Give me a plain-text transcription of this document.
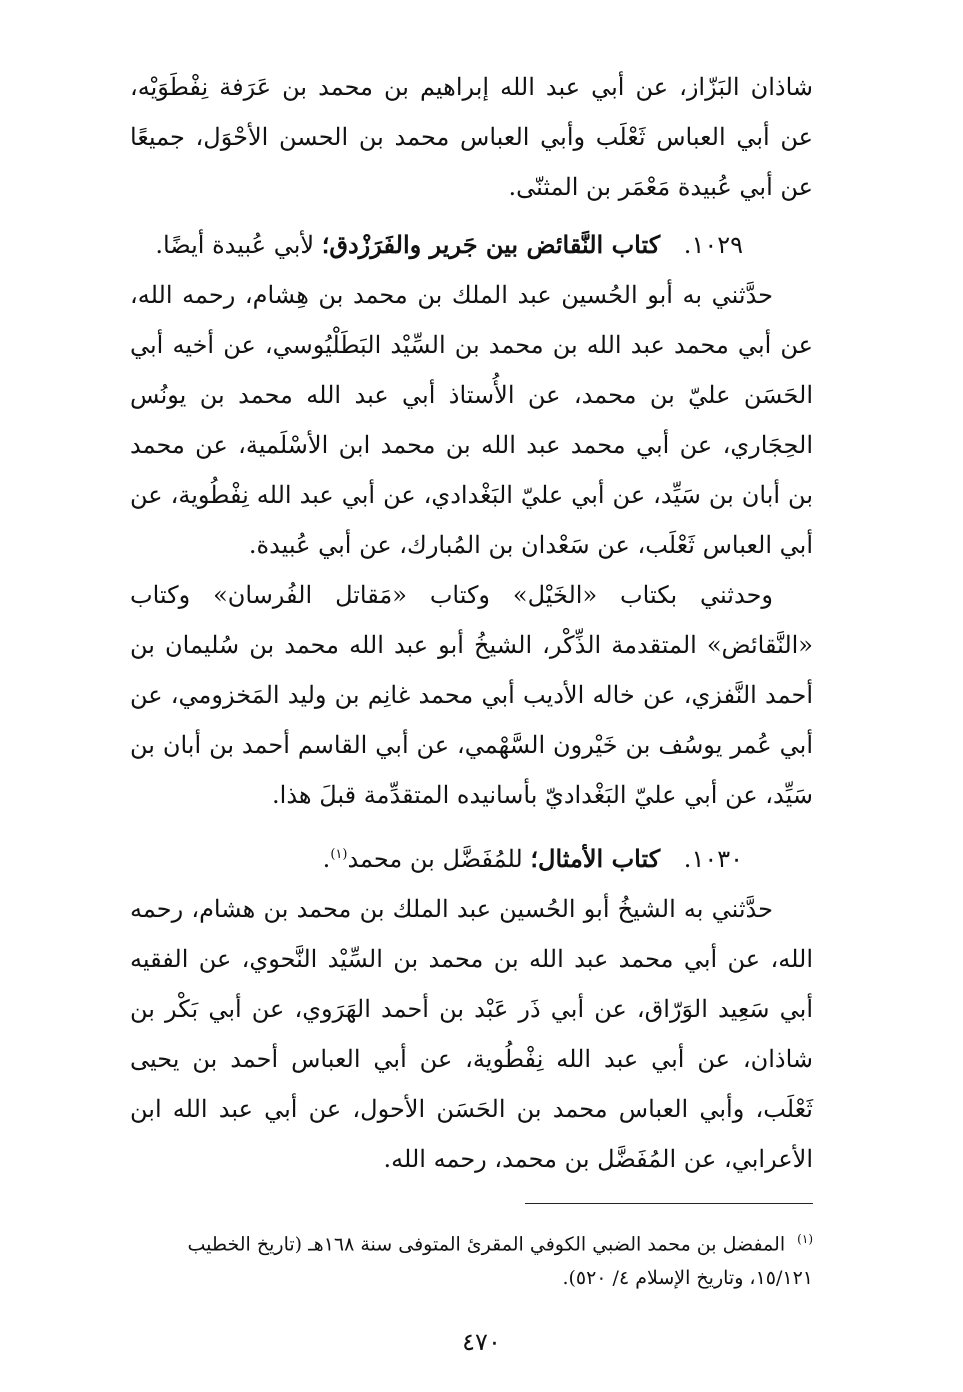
شاذان البَزّاز، عن أبي عبد الله إبراهيم بن محمد بن عَرَفة نِفْطَوَيْه، عن أبي العباس ثَعْلَب وأبي العباس محمد بن الحسن الأحْوَل، جميعًا عن أبي عُبيدة مَعْمَر بن المثنّى.

١٠٢٩. كتاب النَّقائض بين جَرير والفَرَزْدق؛ لأبي عُبيدة أيضًا.

حدَّثني به أبو الحُسين عبد الملك بن محمد بن هِشام، رحمه الله، عن أبي محمد عبد الله بن محمد بن السِّيْد البَطَلْيُوسي، عن أخيه أبي الحَسَن عليّ بن محمد، عن الأُستاذ أبي عبد الله محمد بن يونُس الحِجَاري، عن أبي محمد عبد الله بن محمد ابن الأسْلَمية، عن محمد بن أبان بن سَيِّد، عن أبي عليّ البَغْدادي، عن أبي عبد الله نِفْطُوية، عن أبي العباس ثَعْلَب، عن سَعْدان بن المُبارك، عن أبي عُبيدة.

وحدثني بكتاب «الخَيْل» وكتاب «مَقاتل الفُرسان» وكتاب «النَّقائض» المتقدمة الذِّكْر، الشيخُ أبو عبد الله محمد بن سُليمان بن أحمد النَّفزي، عن خاله الأديب أبي محمد غانِم بن وليد المَخزومي، عن أبي عُمر يوسُف بن خَيْرون السَّهْمي، عن أبي القاسم أحمد بن أبان بن سَيِّد، عن أبي عليّ البَغْداديّ بأسانيده المتقدِّمة قبلَ هذا.

١٠٣٠. كتاب الأمثال؛ للمُفَضَّل بن محمد$^{(١)}$.

حدَّثني به الشيخُ أبو الحُسين عبد الملك بن محمد بن هشام، رحمه الله، عن أبي محمد عبد الله بن محمد بن السِّيْد النَّحوي، عن الفقيه أبي سَعِيد الوَرّاق، عن أبي ذَر عَبْد بن أحمد الهَرَوي، عن أبي بَكْر بن شاذان، عن أبي عبد الله نِفْطُوية، عن أبي العباس أحمد بن يحيى ثَعْلَب، وأبي العباس محمد بن الحَسَن الأحول، عن أبي عبد الله ابن الأعرابي، عن المُفَضَّل بن محمد، رحمه الله.

$^{(١)}$ المفضل بن محمد الضبي الكوفي المقرئ المتوفى سنة ١٦٨هـ (تاريخ الخطيب ١٥/١٢١، وتاريخ الإسلام ٤/ ٥٢٠).
٤٧٠
